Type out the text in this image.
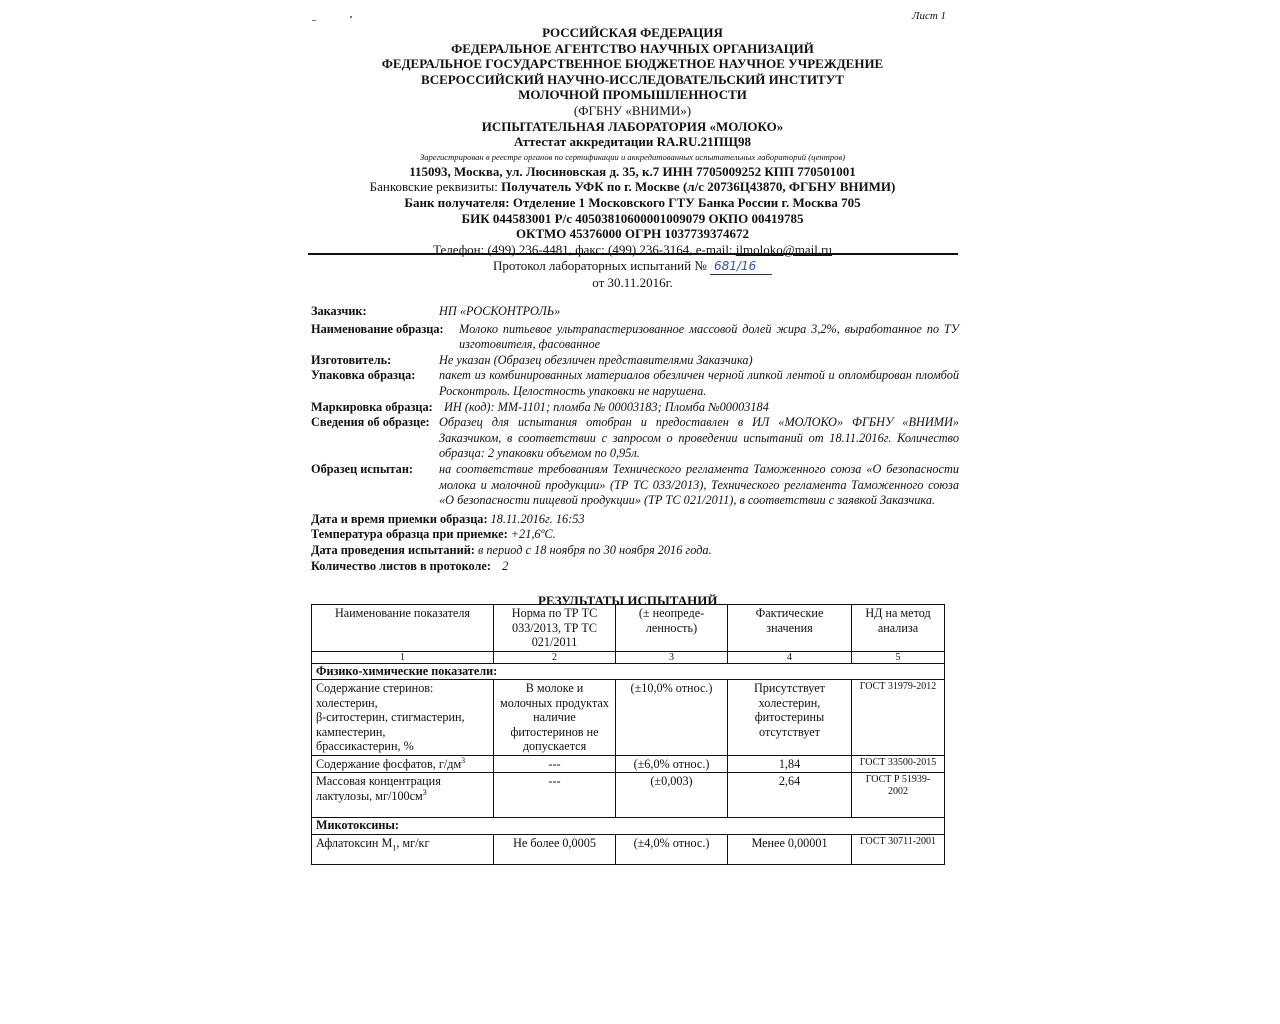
Лист 1

РОССИЙСКАЯ ФЕДЕРАЦИЯ

ФЕДЕРАЛЬНОЕ АГЕНТСТВО НАУЧНЫХ ОРГАНИЗАЦИЙ

ФЕДЕРАЛЬНОЕ ГОСУДАРСТВЕННОЕ БЮДЖЕТНОЕ НАУЧНОЕ УЧРЕЖДЕНИЕ

ВСЕРОССИЙСКИЙ НАУЧНО-ИССЛЕДОВАТЕЛЬСКИЙ ИНСТИТУТ

МОЛОЧНОЙ ПРОМЫШЛЕННОСТИ

(ФГБНУ «ВНИМИ»)

ИСПЫТАТЕЛЬНАЯ ЛАБОРАТОРИЯ «МОЛОКО»

Аттестат аккредитации RA.RU.21ПЩ98

Зарегистрирован в реестре органов по сертификации и аккредитованных испытательных лабораторий (центров)

115093, Москва, ул. Люсиновская д. 35, к.7 ИНН 7705009252 КПП 770501001

Банковские реквизиты: Получатель УФК по г. Москве (л/с 20736Ц43870, ФГБНУ ВНИМИ)

Банк получателя: Отделение 1 Московского ГТУ Банка России г. Москва 705

БИК 044583001 Р/с 40503810600001009079 ОКПО 00419785

ОКТМО 45376000 ОГРН 1037739374672

Телефон: (499) 236-4481, факс: (499) 236-3164, e-mail: ilmoloko@mail.ru

Протокол лабораторных испытаний № 681/16
от 30.11.2016г.
Заказчик:	НП «РОСКОНТРОЛЬ»
Наименование образца:	Молоко питьевое ультрапастеризованное массовой долей жира 3,2%, выработанное по ТУ изготовителя, фасованное
Изготовитель:	Не указан (Образец обезличен представителями Заказчика)
Упаковка образца:	пакет из комбинированных материалов обезличен черной липкой лентой и опломбирован пломбой Росконтроль. Целостность упаковки не нарушена.
Маркировка образца: ИН (код): ММ-1101; пломба № 00003183; Пломба №00003184
Сведения об образце: Образец для испытания отобран и предоставлен в ИЛ «МОЛОКО» ФГБНУ «ВНИМИ» Заказчиком, в соответствии с запросом о проведении испытаний от 18.11.2016г. Количество образца: 2 упаковки объемом по 0,95л.
Образец испытан:	на соответствие требованиям Технического регламента Таможенного союза «О безопасности молока и молочной продукции» (ТР ТС 033/2013), Технического регламента Таможенного союза «О безопасности пищевой продукции» (ТР ТС 021/2011), в соответствии с заявкой Заказчика.
Дата и время приемки образца: 18.11.2016г. 16:53
Температура образца при приемке: +21,6ºС.
Дата проведения испытаний: в период с 18 ноября по 30 ноября 2016 года.
Количество листов в протоколе: 2
РЕЗУЛЬТАТЫ ИСПЫТАНИЙ
Наименование показателя	Норма по ТР ТС 033/2013, ТР ТС 021/2011	(± неопреде-ленность)	Фактические значения	НД на метод анализа
1	2	3	4	5
Физико-химические показатели:				

Содержание стеринов:
холестерин,
β-ситостерин, стигмастерин,
кампестерин,
брассикастерин, %	В молоке и молочных продуктах наличие фитостеринов не допускается	(±10,0% относ.)	Присутствует холестерин, фитостерины отсутствует	ГОСТ 31979-2012
Содержание фосфатов, $г/дм^3$	---	(±6,0% относ.)	1,84	ГОСТ 33500-2015
Массовая концентрация лактулозы, $мг/100см^3$	---	(±0,003)	2,64	ГОСТ Р 51939-2002
Микотоксины:				
Афлатоксин $М_1$, мг/кг	Не более 0,0005	(±4,0% относ.)	Менее 0,00001	ГОСТ 30711-2001
